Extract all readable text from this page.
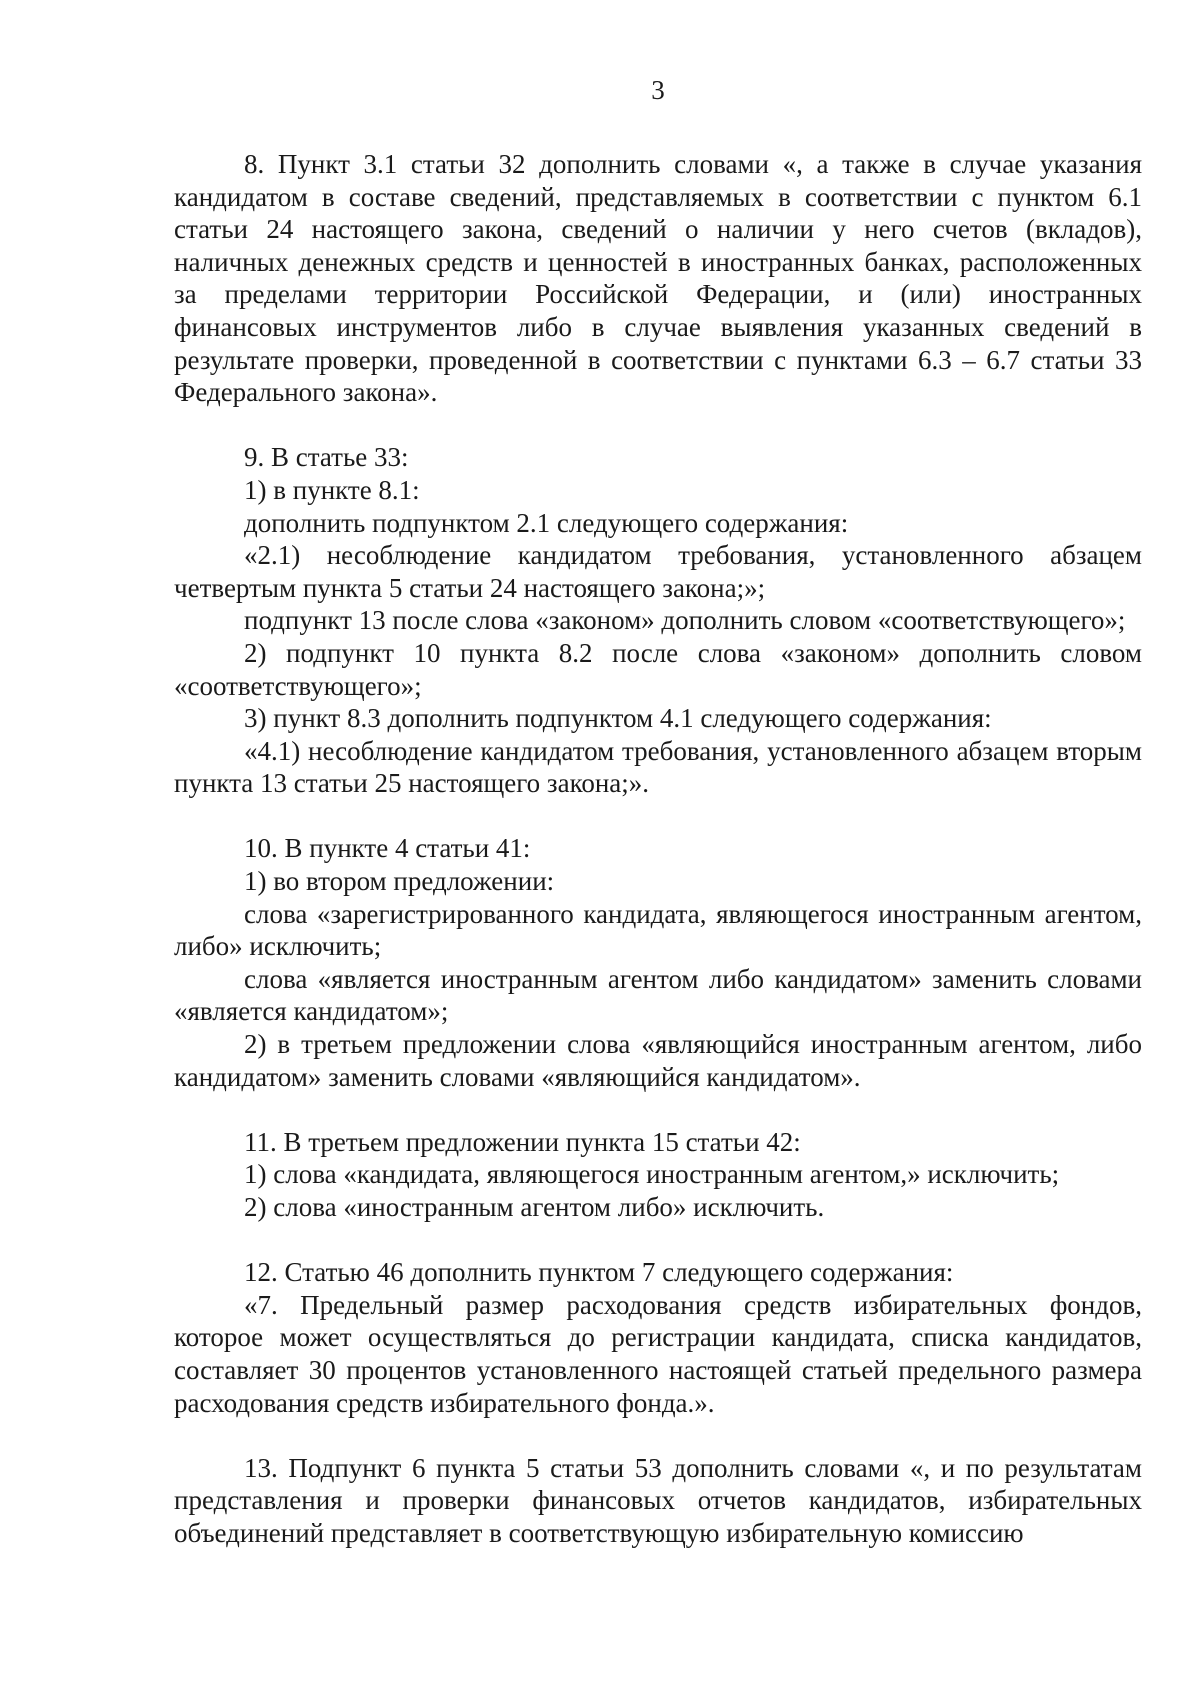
3

8. Пункт 3.1 статьи 32 дополнить словами «, а также в случае указания кандидатом в составе сведений, представляемых в соответствии с пунктом 6.1 статьи 24 настоящего закона, сведений о наличии у него счетов (вкладов), наличных денежных средств и ценностей в иностранных банках, расположенных за пределами территории Российской Федерации, и (или) иностранных финансовых инструментов либо в случае выявления указанных сведений в результате проверки, проведенной в соответствии с пунктами 6.3 – 6.7 статьи 33 Федерального закона».

9. В статье 33:

1) в пункте 8.1:

дополнить подпунктом 2.1 следующего содержания:

«2.1) несоблюдение кандидатом требования, установленного абзацем четвертым пункта 5 статьи 24 настоящего закона;»;

подпункт 13 после слова «законом» дополнить словом «соответствующего»;

2) подпункт 10 пункта 8.2 после слова «законом» дополнить словом «соответствующего»;

3) пункт 8.3 дополнить подпунктом 4.1 следующего содержания:

«4.1) несоблюдение кандидатом требования, установленного абзацем вторым пункта 13 статьи 25 настоящего закона;».

10. В пункте 4 статьи 41:

1) во втором предложении:

слова «зарегистрированного кандидата, являющегося иностранным агентом, либо» исключить;

слова «является иностранным агентом либо кандидатом» заменить словами «является кандидатом»;

2) в третьем предложении слова «являющийся иностранным агентом, либо кандидатом» заменить словами «являющийся кандидатом».

11. В третьем предложении пункта 15 статьи 42:

1) слова «кандидата, являющегося иностранным агентом,» исключить;

2) слова «иностранным агентом либо» исключить.

12. Статью 46 дополнить пунктом 7 следующего содержания:

«7. Предельный размер расходования средств избирательных фондов, которое может осуществляться до регистрации кандидата, списка кандидатов, составляет 30 процентов установленного настоящей статьей предельного размера расходования средств избирательного фонда.».

13. Подпункт 6 пункта 5 статьи 53 дополнить словами «, и по результатам представления и проверки финансовых отчетов кандидатов, избирательных объединений представляет в соответствующую избирательную комиссию
